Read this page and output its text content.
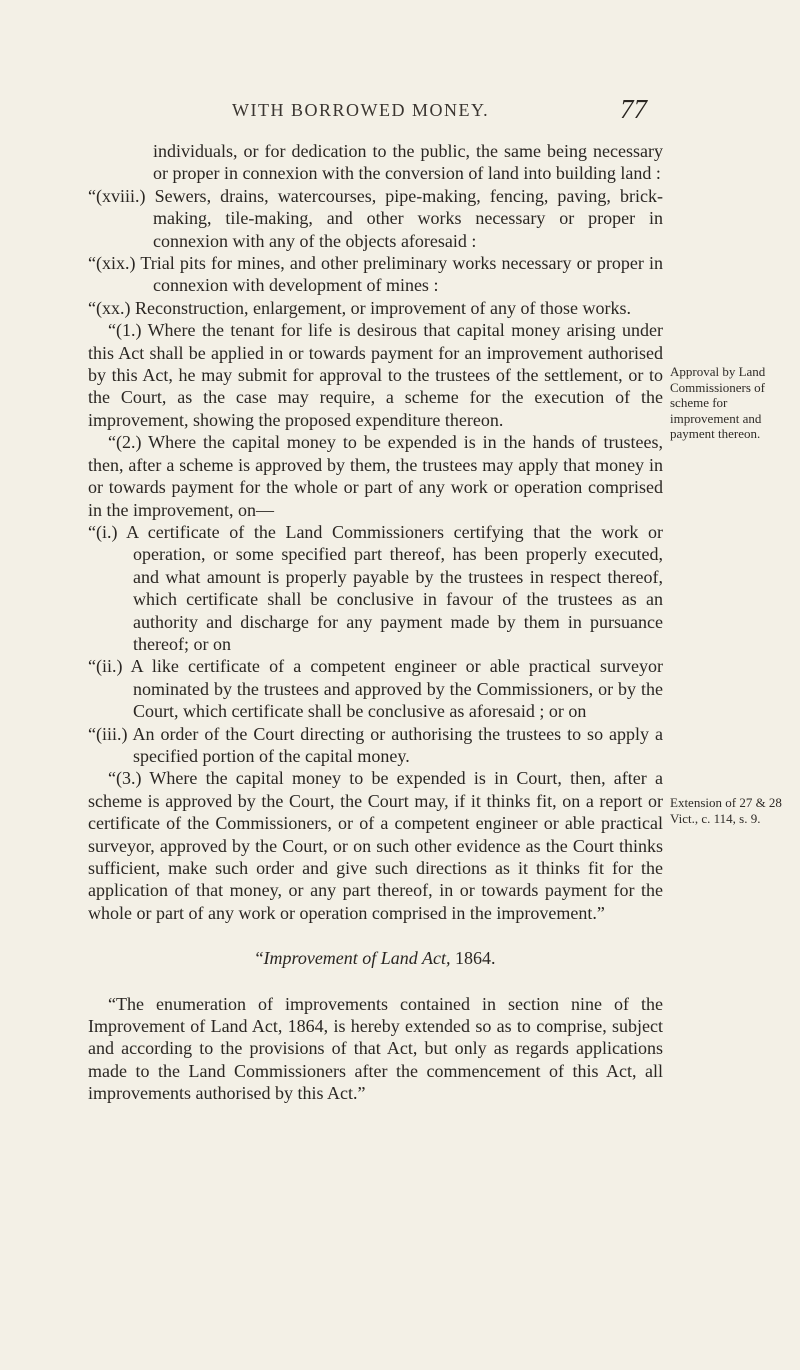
WITH BORROWED MONEY.	77

individuals, or for dedication to the public, the same being necessary or proper in connexion with the conversion of land into building land :

“(xviii.) Sewers, drains, watercourses, pipe-making, fencing, paving, brick-making, tile-making, and other works necessary or proper in connexion with any of the objects aforesaid :

“(xix.) Trial pits for mines, and other preliminary works necessary or proper in connexion with development of mines :

“(xx.) Reconstruction, enlargement, or improvement of any of those works.

“(1.) Where the tenant for life is desirous that capital money arising under this Act shall be applied in or towards payment for an improvement authorised by this Act, he may submit for approval to the trustees of the settlement, or to the Court, as the case may require, a scheme for the execution of the improvement, showing the proposed expenditure thereon.

“(2.) Where the capital money to be expended is in the hands of trustees, then, after a scheme is approved by them, the trustees may apply that money in or towards payment for the whole or part of any work or operation comprised in the improvement, on—

“(i.) A certificate of the Land Commissioners certifying that the work or operation, or some specified part thereof, has been properly executed, and what amount is properly payable by the trustees in respect thereof, which certificate shall be conclusive in favour of the trustees as an authority and discharge for any payment made by them in pursuance thereof; or on

“(ii.) A like certificate of a competent engineer or able practical surveyor nominated by the trustees and approved by the Commissioners, or by the Court, which certificate shall be conclusive as aforesaid ; or on

“(iii.) An order of the Court directing or authorising the trustees to so apply a specified portion of the capital money.

“(3.) Where the capital money to be expended is in Court, then, after a scheme is approved by the Court, the Court may, if it thinks fit, on a report or certificate of the Commissioners, or of a competent engineer or able practical surveyor, approved by the Court, or on such other evidence as the Court thinks sufficient, make such order and give such directions as it thinks fit for the application of that money, or any part thereof, in or towards payment for the whole or part of any work or operation comprised in the improvement.”

“Improvement of Land Act, 1864.

“The enumeration of improvements contained in section nine of the Improvement of Land Act, 1864, is hereby extended so as to comprise, subject and according to the provisions of that Act, but only as regards applications made to the Land Commissioners after the commencement of this Act, all improvements authorised by this Act.”

Approval by Land Commissioners of scheme for improvement and payment thereon.
Extension of 27 & 28 Vict., c. 114, s. 9.
